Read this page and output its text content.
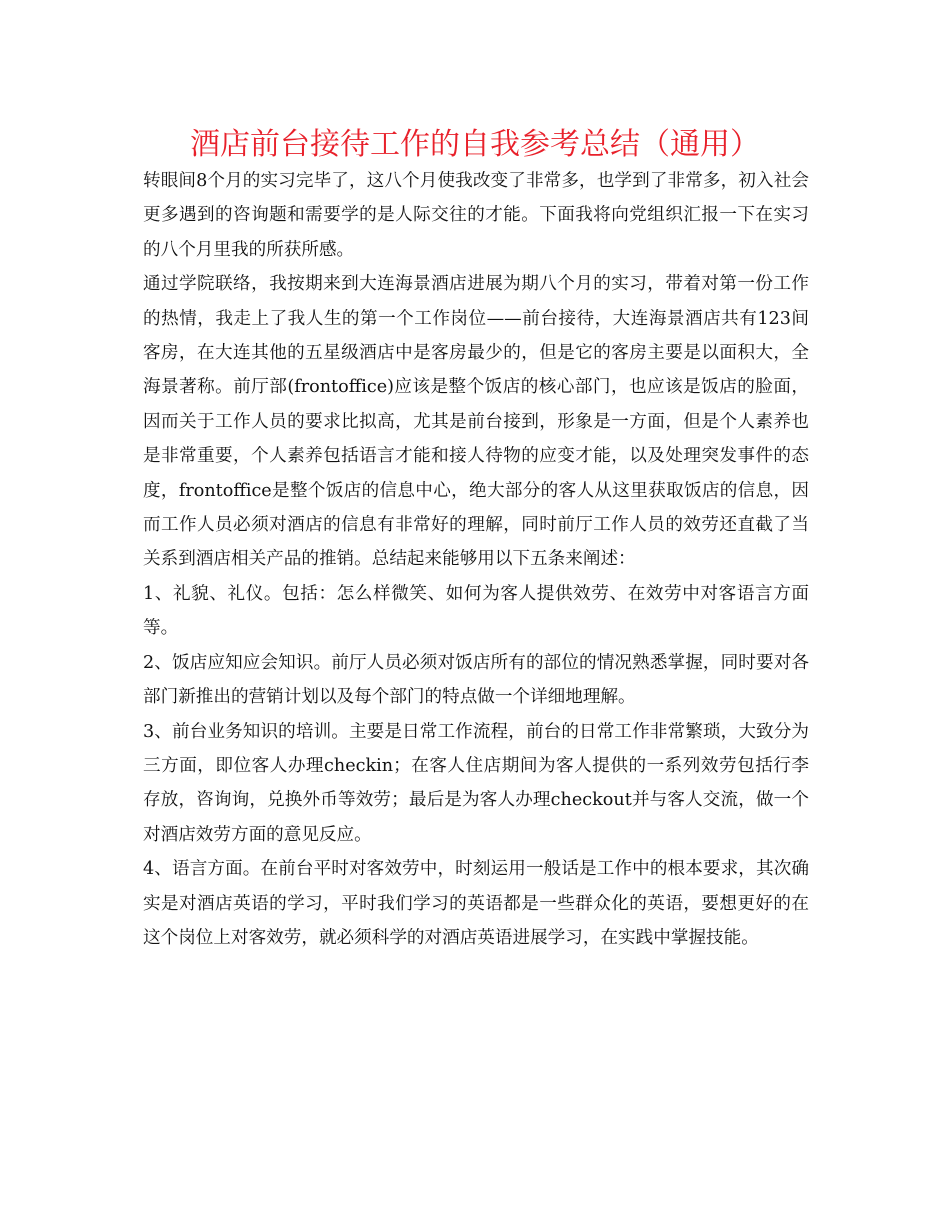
酒店前台接待工作的自我参考总结（通用）

转眼间8个月的实习完毕了，这八个月使我改变了非常多，也学到了非常多，初入社会更多遇到的咨询题和需要学的是人际交往的才能。下面我将向党组织汇报一下在实习的八个月里我的所获所感。

通过学院联络，我按期来到大连海景酒店进展为期八个月的实习，带着对第一份工作的热情，我走上了我人生的第一个工作岗位——前台接待，大连海景酒店共有123间客房，在大连其他的五星级酒店中是客房最少的，但是它的客房主要是以面积大，全海景著称。前厅部(frontoffice)应该是整个饭店的核心部门，也应该是饭店的脸面，因而关于工作人员的要求比拟高，尤其是前台接到，形象是一方面，但是个人素养也是非常重要，个人素养包括语言才能和接人待物的应变才能，以及处理突发事件的态度，frontoffice是整个饭店的信息中心，绝大部分的客人从这里获取饭店的信息，因而工作人员必须对酒店的信息有非常好的理解，同时前厅工作人员的效劳还直截了当关系到酒店相关产品的推销。总结起来能够用以下五条来阐述：

1、礼貌、礼仪。包括：怎么样微笑、如何为客人提供效劳、在效劳中对客语言方面等。

2、饭店应知应会知识。前厅人员必须对饭店所有的部位的情况熟悉掌握，同时要对各部门新推出的营销计划以及每个部门的特点做一个详细地理解。

3、前台业务知识的培训。主要是日常工作流程，前台的日常工作非常繁琐，大致分为三方面，即位客人办理checkin；在客人住店期间为客人提供的一系列效劳包括行李存放，咨询询，兑换外币等效劳；最后是为客人办理checkout并与客人交流，做一个对酒店效劳方面的意见反应。

4、语言方面。在前台平时对客效劳中，时刻运用一般话是工作中的根本要求，其次确实是对酒店英语的学习，平时我们学习的英语都是一些群众化的英语，要想更好的在这个岗位上对客效劳，就必须科学的对酒店英语进展学习，在实践中掌握技能。
